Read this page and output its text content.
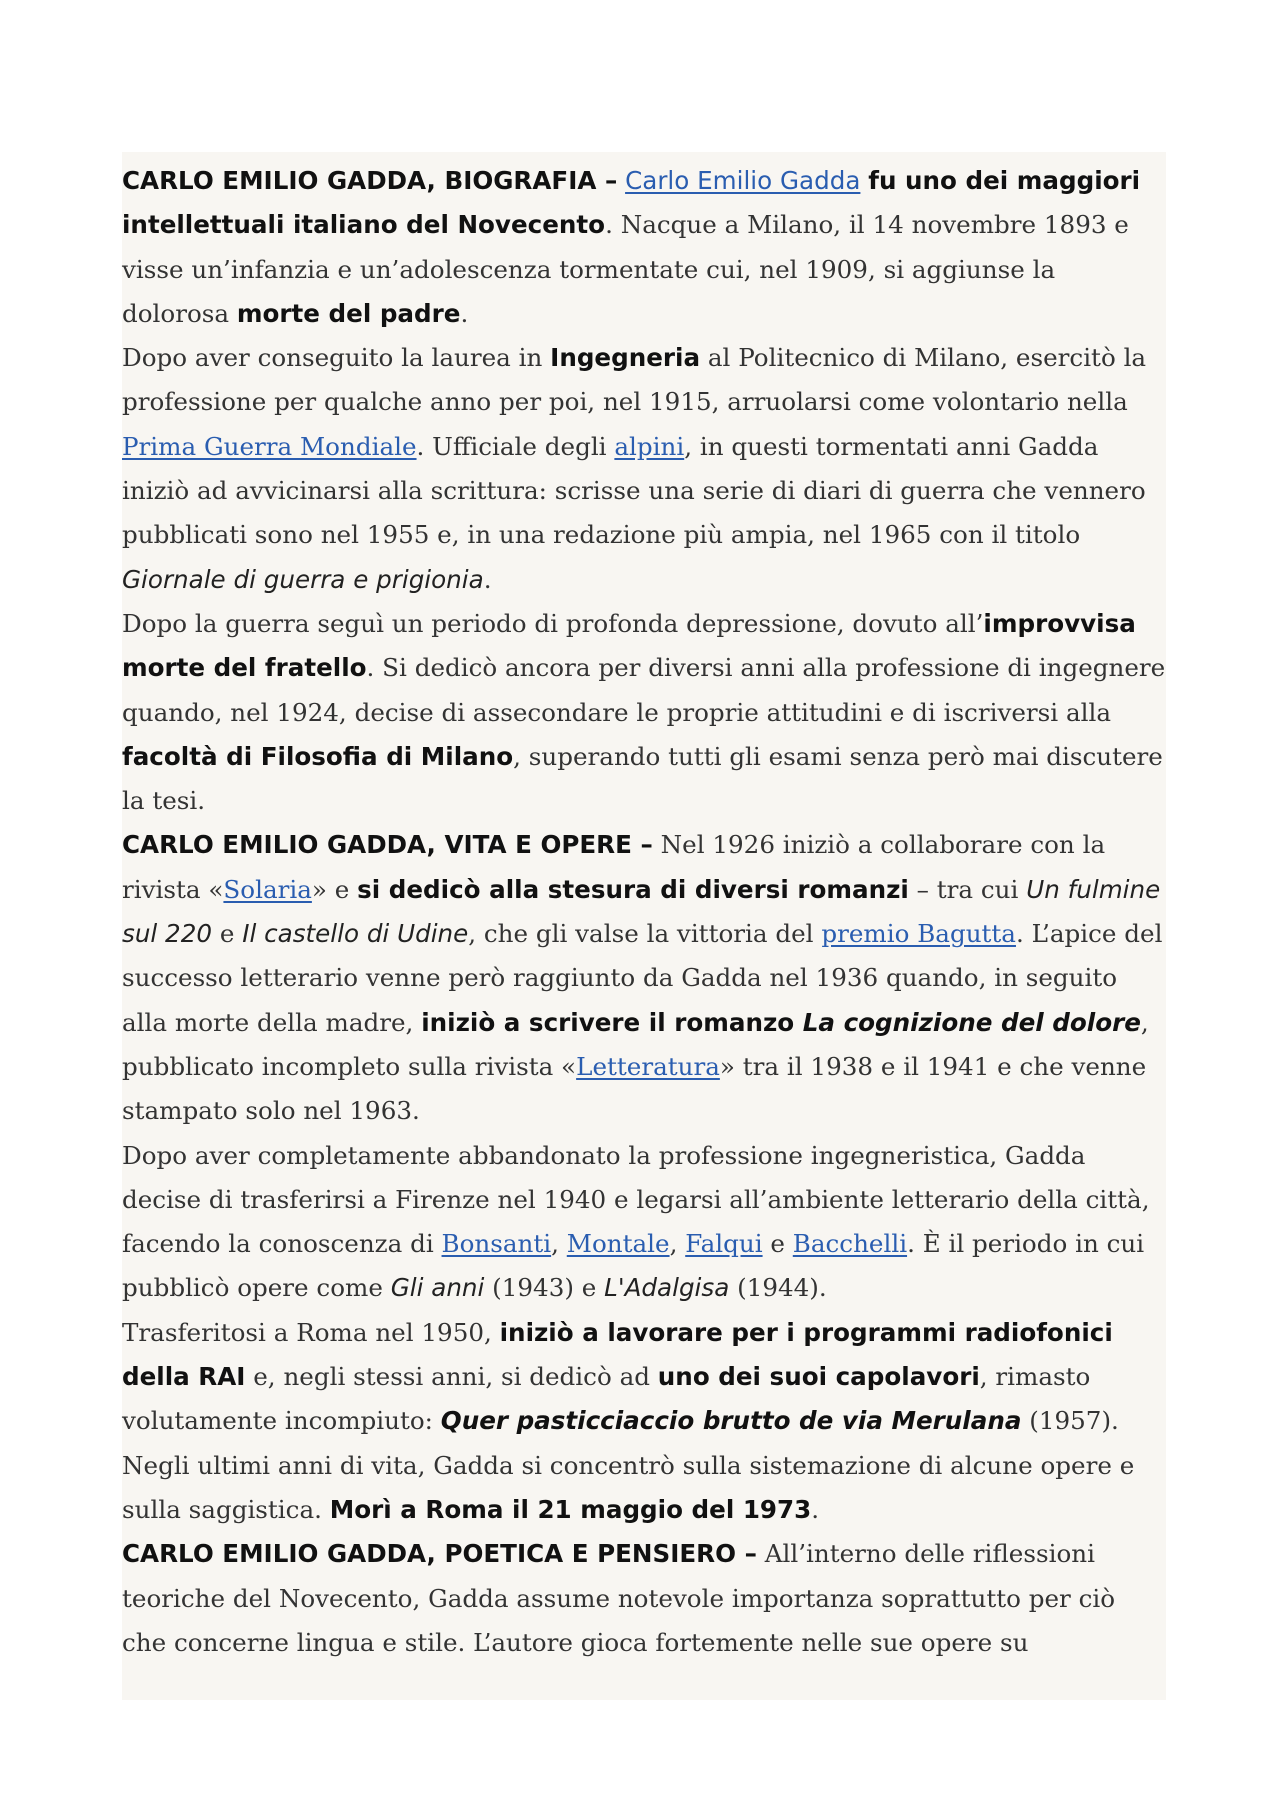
CARLO EMILIO GADDA, BIOGRAFIA – Carlo Emilio Gadda fu uno dei maggiori intellettuali italiano del Novecento. Nacque a Milano, il 14 novembre 1893 e visse un’infanzia e un’adolescenza tormentate cui, nel 1909, si aggiunse la dolorosa morte del padre.

Dopo aver conseguito la laurea in Ingegneria al Politecnico di Milano, esercitò la professione per qualche anno per poi, nel 1915, arruolarsi come volontario nella Prima Guerra Mondiale. Ufficiale degli alpini, in questi tormentati anni Gadda iniziò ad avvicinarsi alla scrittura: scrisse una serie di diari di guerra che vennero pubblicati sono nel 1955 e, in una redazione più ampia, nel 1965 con il titolo Giornale di guerra e prigionia.

Dopo la guerra seguì un periodo di profonda depressione, dovuto all’improvvisa morte del fratello. Si dedicò ancora per diversi anni alla professione di ingegnere quando, nel 1924, decise di assecondare le proprie attitudini e di iscriversi alla facoltà di Filosofia di Milano, superando tutti gli esami senza però mai discutere la tesi.

CARLO EMILIO GADDA, VITA E OPERE – Nel 1926 iniziò a collaborare con la rivista «Solaria» e si dedicò alla stesura di diversi romanzi – tra cui Un fulmine sul 220 e Il castello di Udine, che gli valse la vittoria del premio Bagutta. L’apice del successo letterario venne però raggiunto da Gadda nel 1936 quando, in seguito alla morte della madre, iniziò a scrivere il romanzo La cognizione del dolore, pubblicato incompleto sulla rivista «Letteratura» tra il 1938 e il 1941 e che venne stampato solo nel 1963.

Dopo aver completamente abbandonato la professione ingegneristica, Gadda decise di trasferirsi a Firenze nel 1940 e legarsi all’ambiente letterario della città, facendo la conoscenza di Bonsanti, Montale, Falqui e Bacchelli. È il periodo in cui pubblicò opere come Gli anni (1943) e L'Adalgisa (1944).

Trasferitosi a Roma nel 1950, iniziò a lavorare per i programmi radiofonici della RAI e, negli stessi anni, si dedicò ad uno dei suoi capolavori, rimasto volutamente incompiuto: Quer pasticciaccio brutto de via Merulana (1957).

Negli ultimi anni di vita, Gadda si concentrò sulla sistemazione di alcune opere e sulla saggistica. Morì a Roma il 21 maggio del 1973.

CARLO EMILIO GADDA, POETICA E PENSIERO – All’interno delle riflessioni teoriche del Novecento, Gadda assume notevole importanza soprattutto per ciò che concerne lingua e stile. L’autore gioca fortemente nelle sue opere su
